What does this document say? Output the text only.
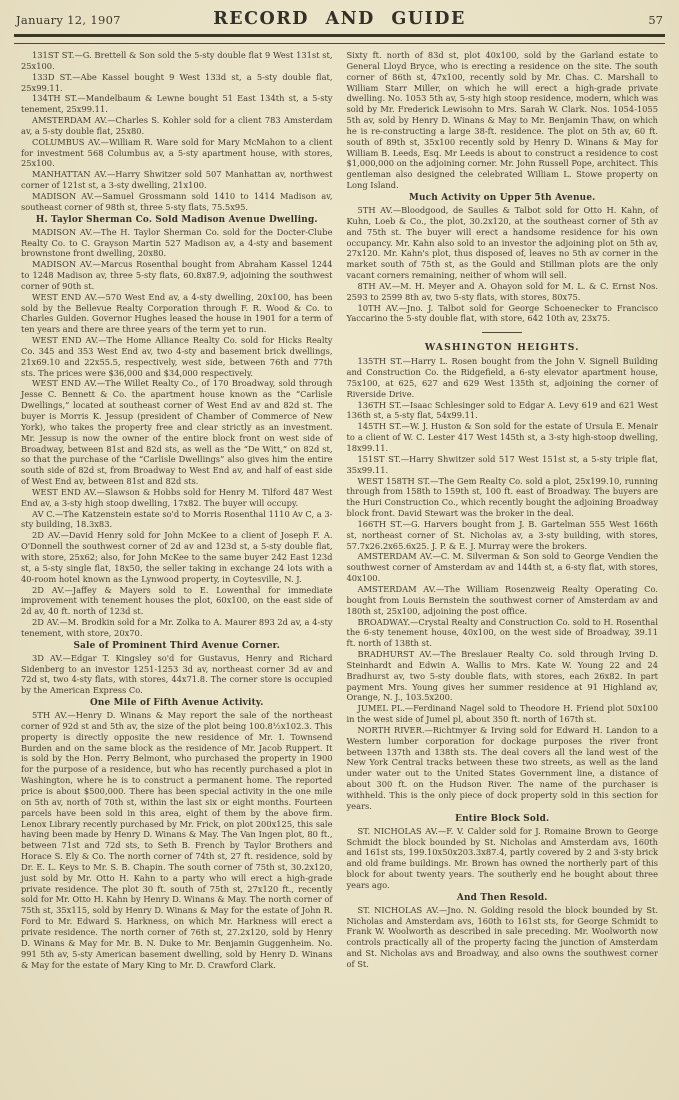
January 12, 1907	RECORD AND GUIDE	57

131ST ST.—G. Brettell & Son sold the 5-sty double flat 9 West 131st st, 25x100.

133D ST.—Abe Kassel bought 9 West 133d st, a 5-sty double flat, 25x99.11.

134TH ST.—Mandelbaum & Lewne bought 51 East 134th st, a 5-sty tenement, 25x99.11.

AMSTERDAM AV.—Charles S. Kohler sold for a client 783 Amsterdam av, a 5-sty double flat, 25x80.

COLUMBUS AV.—William R. Ware sold for Mary McMahon to a client for investment 568 Columbus av, a 5-sty apartment house, with stores, 25x100.

MANHATTAN AV.—Harry Shwitzer sold 507 Manhattan av, northwest corner of 121st st, a 3-sty dwelling, 21x100.

MADISON AV.—Samuel Grossmann sold 1410 to 1414 Madison av, southeast corner of 98th st, three 5-sty flats, 75.5x95.

H. Taylor Sherman Co. Sold Madison Avenue Dwelling.

MADISON AV.—The H. Taylor Sherman Co. sold for the Docter-Clube Realty Co. to C. Grayson Martin 527 Madison av, a 4-sty and basement brownstone front dwelling, 20x80.

MADISON AV.—Marcus Rosenthal bought from Abraham Kassel 1244 to 1248 Madison av, three 5-sty flats, 60.8x87.9, adjoining the southwest corner of 90th st.

WEST END AV.—570 West End av, a 4-sty dwelling, 20x100, has been sold by the Bellevue Realty Corporation through F. R. Wood & Co. to Charles Gulden. Governor Hughes leased the house in 1901 for a term of ten years and there are three years of the term yet to run.

WEST END AV.—The Home Alliance Realty Co. sold for Hicks Realty Co. 345 and 353 West End av, two 4-sty and basement brick dwellings, 21x69.10 and 22x55.5, respectively, west side, between 76th and 77th sts. The prices were $36,000 and $34,000 respectively.

WEST END AV.—The Willet Realty Co., of 170 Broadway, sold through Jesse C. Bennett & Co. the apartment house known as the “Carlisle Dwellings,” located at southeast corner of West End av and 82d st. The buyer is Morris K. Jessup (president of Chamber of Commerce of New York), who takes the property free and clear strictly as an investment. Mr. Jessup is now the owner of the entire block front on west side of Broadway, between 81st and 82d sts, as well as the “De Witt,” on 82d st, so that the purchase of the “Carlisle Dwellings” also gives him the entire south side of 82d st, from Broadway to West End av, and half of east side of West End av, between 81st and 82d sts.

WEST END AV.—Slawson & Hobbs sold for Henry M. Tilford 487 West End av, a 3-sty high stoop dwelling, 17x82. The buyer will occupy.

AV C.—The Katzenstein estate so'd to Morris Rosenthal 1110 Av C, a 3-sty building, 18.3x83.

2D AV.—David Henry sold for John McKee to a client of Joseph F. A. O'Donnell the southwest corner of 2d av and 123d st, a 5-sty double flat, with store, 25x62; also, for John McKee to the same buyer 242 East 123d st, a 5-sty single flat, 18x50, the seller taking in exchange 24 lots with a 40-room hotel known as the Lynwood property, in Coytesville, N. J.

2D AV.—Jaffey & Mayers sold to E. Lowenthal for immediate improvement with tenement houses the plot, 60x100, on the east side of 2d av, 40 ft. north of 123d st.

2D AV.—M. Brodkin sold for a Mr. Zolka to A. Maurer 893 2d av, a 4-sty tenement, with store, 20x70.

Sale of Prominent Third Avenue Corner.

3D AV.—Edgar T. Kingsley so'd for Gustavus, Henry and Richard Sidenberg to an investor 1251-1253 3d av, northeast corner 3d av and 72d st, two 4-sty flats, with stores, 44x71.8. The corner store is occupied by the American Express Co.

One Mile of Fifth Avenue Activity.

5TH AV.—Henry D. Winans & May report the sale of the northeast corner of 92d st and 5th av, the size of the plot being 100.8½x102.3. This property is directly opposite the new residence of Mr. I. Townsend Burden and on the same block as the residence of Mr. Jacob Ruppert. It is sold by the Hon. Perry Belmont, who purchased the property in 1900 for the purpose of a residence, but who has recently purchased a plot in Washington, where he is to construct a permanent home. The reported price is about $500,000. There has been special activity in the one mile on 5th av, north of 70th st, within the last six or eight months. Fourteen parcels have been sold in this area, eight of them by the above firm. Lenox Library recently purchased by Mr. Frick, on plot 200x125, this sale having been made by Henry D. Winans & May. The Van Ingen plot, 80 ft., between 71st and 72d sts, to Seth B. French by Taylor Brothers and Horace S. Ely & Co. The north corner of 74th st, 27 ft. residence, sold by Dr. E. L. Keys to Mr. S. B. Chapin. The south corner of 75th st, 30.2x120, just sold by Mr. Otto H. Kahn to a party who will erect a high-grade private residence. The plot 30 ft. south of 75th st, 27x120 ft., recently sold for Mr. Otto H. Kahn by Henry D. Winans & May. The north corner of 75th st, 35x115, sold by Henry D. Winans & May for the estate of John R. Ford to Mr. Edward S. Harkness, on which Mr. Harkness will erect a private residence. The north corner of 76th st, 27.2x120, sold by Henry D. Winans & May for Mr. B. N. Duke to Mr. Benjamin Guggenheim. No. 991 5th av, 5-sty American basement dwelling, sold by Henry D. Winans & May for the estate of Mary King to Mr. D. Crawford Clark.

Sixty ft. north of 83d st, plot 40x100, sold by the Garland estate to General Lloyd Bryce, who is erecting a residence on the site. The south corner of 86th st, 47x100, recently sold by Mr. Chas. C. Marshall to William Starr Miller, on which he will erect a high-grade private dwelling. No. 1053 5th av, 5-sty high stoop residence, modern, which was sold by Mr. Frederick Lewisohn to Mrs. Sarah W. Clark. Nos. 1054-1055 5th av, sold by Henry D. Winans & May to Mr. Benjamin Thaw, on which he is re-constructing a large 38-ft. residence. The plot on 5th av, 60 ft. south of 89th st, 35x100 recently sold by Henry D. Winans & May for William B. Leeds, Esq. Mr Leeds is about to construct a residence to cost $1,000,000 on the adjoining corner. Mr. John Russell Pope, architect. This gentleman also designed the celebrated William L. Stowe property on Long Island.

Much Activity on Upper 5th Avenue.

5TH AV.—Bloodgood, de Saulles & Talbot sold for Otto H. Kahn, of Kuhn, Loeb & Co., the plot, 30.2x120, at the southeast corner of 5th av and 75th st. The buyer will erect a handsome residence for his own occupancy. Mr. Kahn also sold to an investor the adjoining plot on 5th av, 27x120. Mr. Kahn's plot, thus disposed of, leaves no 5th av corner in the market south of 75th st, as the Gould and Stillman plots are the only vacant corners remaining, neither of whom will sell.

8TH AV.—M. H. Meyer and A. Ohayon sold for M. L. & C. Ernst Nos. 2593 to 2599 8th av, two 5-sty flats, with stores, 80x75.

10TH AV.—Jno. J. Talbot sold for George Schoenecker to Francisco Yaccarino the 5-sty double flat, with store, 642 10th av, 23x75.

WASHINGTON HEIGHTS.

135TH ST.—Harry L. Rosen bought from the John V. Signell Building and Construction Co. the Ridgefield, a 6-sty elevator apartment house, 75x100, at 625, 627 and 629 West 135th st, adjoining the corner of Riverside Drive.

136TH ST.—Isaac Schlesinger sold to Edgar A. Levy 619 and 621 West 136th st, a 5-sty flat, 54x99.11.

145TH ST.—W. J. Huston & Son sold for the estate of Ursula E. Menair to a client of W. C. Lester 417 West 145th st, a 3-sty high-stoop dwelling, 18x99.11.

151ST ST.—Harry Shwitzer sold 517 West 151st st, a 5-sty triple flat, 35x99.11.

WEST 158TH ST.—The Gem Realty Co. sold a plot, 25x199.10, running through from 158th to 159th st, 100 ft. east of Broadway. The buyers are the Huri Construction Co., which recently bought the adjoining Broadway block front. David Stewart was the broker in the deal.

166TH ST.—G. Harvers bought from J. B. Gartelman 555 West 166th st, northeast corner of St. Nicholas av, a 3-sty building, with stores, 57.7x26.2x65.6x25. J. P. & E. J. Murray were the brokers.

AMSTERDAM AV.—C. M. Silverman & Son sold to George Vendien the southwest corner of Amsterdam av and 144th st, a 6-sty flat, with stores, 40x100.

AMSTERDAM AV.—The William Rosenzweig Realty Operating Co. bought from Louis Bernstein the southwest corner of Amsterdam av and 180th st, 25x100, adjoining the post office.

BROADWAY.—Crystal Realty and Construction Co. sold to H. Rosenthal the 6-sty tenement house, 40x100, on the west side of Broadway, 39.11 ft. north of 138th st.

BRADHURST AV.—The Breslauer Realty Co. sold through Irving D. Steinhardt and Edwin A. Wallis to Mrs. Kate W. Young 22 and 24 Bradhurst av, two 5-sty double flats, with stores, each 26x82. In part payment Mrs. Young gives her summer residence at 91 Highland av, Orange, N. J., 103.5x200.

JUMEL PL.—Ferdinand Nagel sold to Theodore H. Friend plot 50x100 in the west side of Jumel pl, about 350 ft. north of 167th st.

NORTH RIVER.—Richtmyer & Irving sold for Edward H. Landon to a Western lumber corporation for dockage purposes the river front between 137th and 138th sts. The deal covers all the land west of the New York Central tracks between these two streets, as well as the land under water out to the United States Government line, a distance of about 300 ft. on the Hudson River. The name of the purchaser is withheld. This is the only piece of dock property sold in this section for years.

Entire Block Sold.

ST. NICHOLAS AV.—F. V. Calder sold for J. Romaine Brown to George Schmidt the block bounded by St. Nicholas and Amsterdam avs, 160th and 161st sts, 199.10x50x203.3x87.4, partly covered by 2 and 3-sty brick and old frame buildings. Mr. Brown has owned the northerly part of this block for about twenty years. The southerly end he bought about three years ago.

And Then Resold.

ST. NICHOLAS AV.—Jno. N. Golding resold the block bounded by St. Nicholas and Amsterdam avs, 160th to 161st sts, for George Schmidt to Frank W. Woolworth as described in sale preceding. Mr. Woolworth now controls practically all of the property facing the junction of Amsterdam and St. Nicholas avs and Broadway, and also owns the southwest corner of St.
